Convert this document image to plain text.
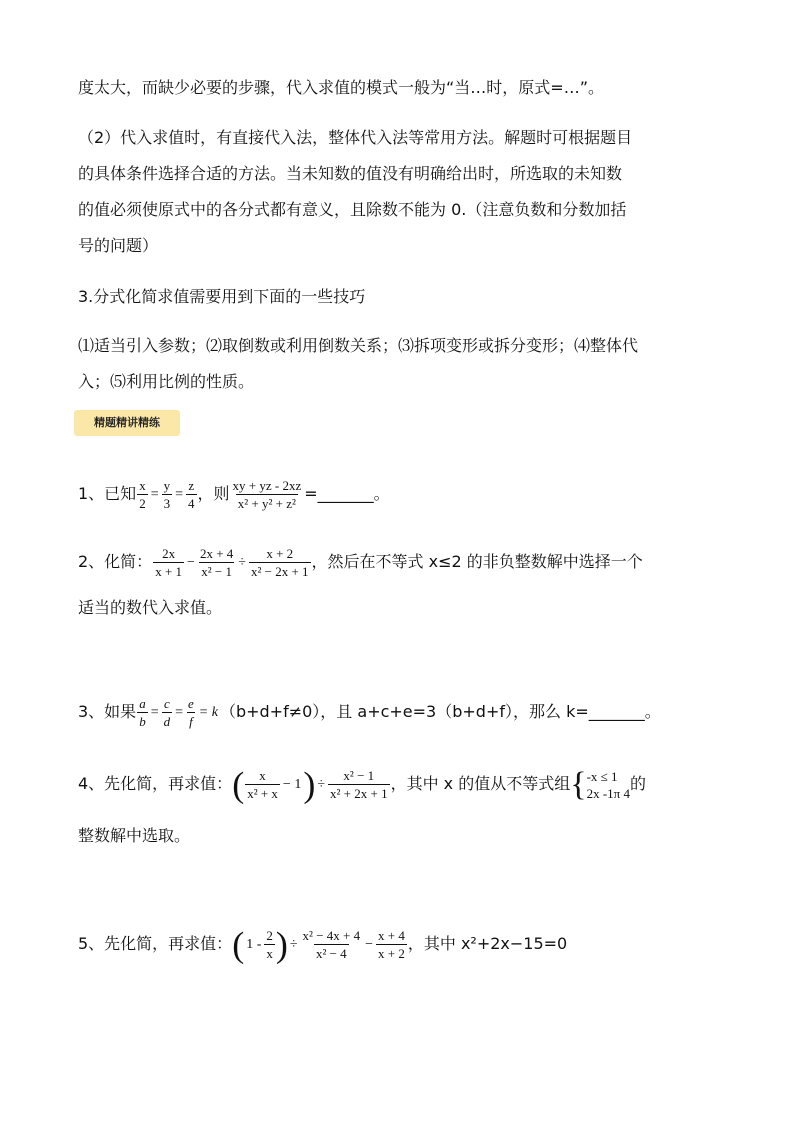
度太大，而缺少必要的步骤，代入求值的模式一般为“当…时，原式=…”。
（2）代入求值时，有直接代入法，整体代入法等常用方法。解题时可根据题目
的具体条件选择合适的方法。当未知数的值没有明确给出时，所选取的未知数
的值必须使原式中的各分式都有意义，且除数不能为 0.（注意负数和分数加括
号的问题）
3.分式化简求值需要用到下面的一些技巧
⑴适当引入参数；⑵取倒数或利用倒数关系；⑶拆项变形或拆分变形；⑷整体代
入；⑸利用比例的性质。
精题精讲精练
1、已知 $\frac{x}{2} = \frac{y}{3} = \frac{z}{4}$ ，则 $\frac{xy + yz - 2xz}{\text{x² + y² + z²}}$ =_______。
2、化简： $\frac{2x}{x + 1} - \frac{2x + 4}{\text{x² − 1}} \div \frac{x + 2}{\text{x² − 2x + 1}}$ ，然后在不等式 x≤2 的非负整数解中选择一个
适当的数代入求值。
3、如果 $\frac{a}{b} = \frac{c}{d} = \frac{e}{f} = k$ （b+d+f≠0），且 a+c+e=3（b+d+f），那么 k=_______。
4、先化简，再求值：( $\frac{x}{\text{x² + x}} - 1) \div \frac{\text{x² − 1}}{\text{x² + 2x + 1}}$ ，其中 x 的值从不等式组{ -x ≤ 1
2x -1π 4 的
整数解中选取。
5、先化简，再求值：( $1 - \frac{2}{x}$ ) ÷ $\frac{\text{x² − 4x + 4}}{\text{x² − 4}} - \frac{x + 4}{x + 2}$ ，其中 x²+2x−15=0
